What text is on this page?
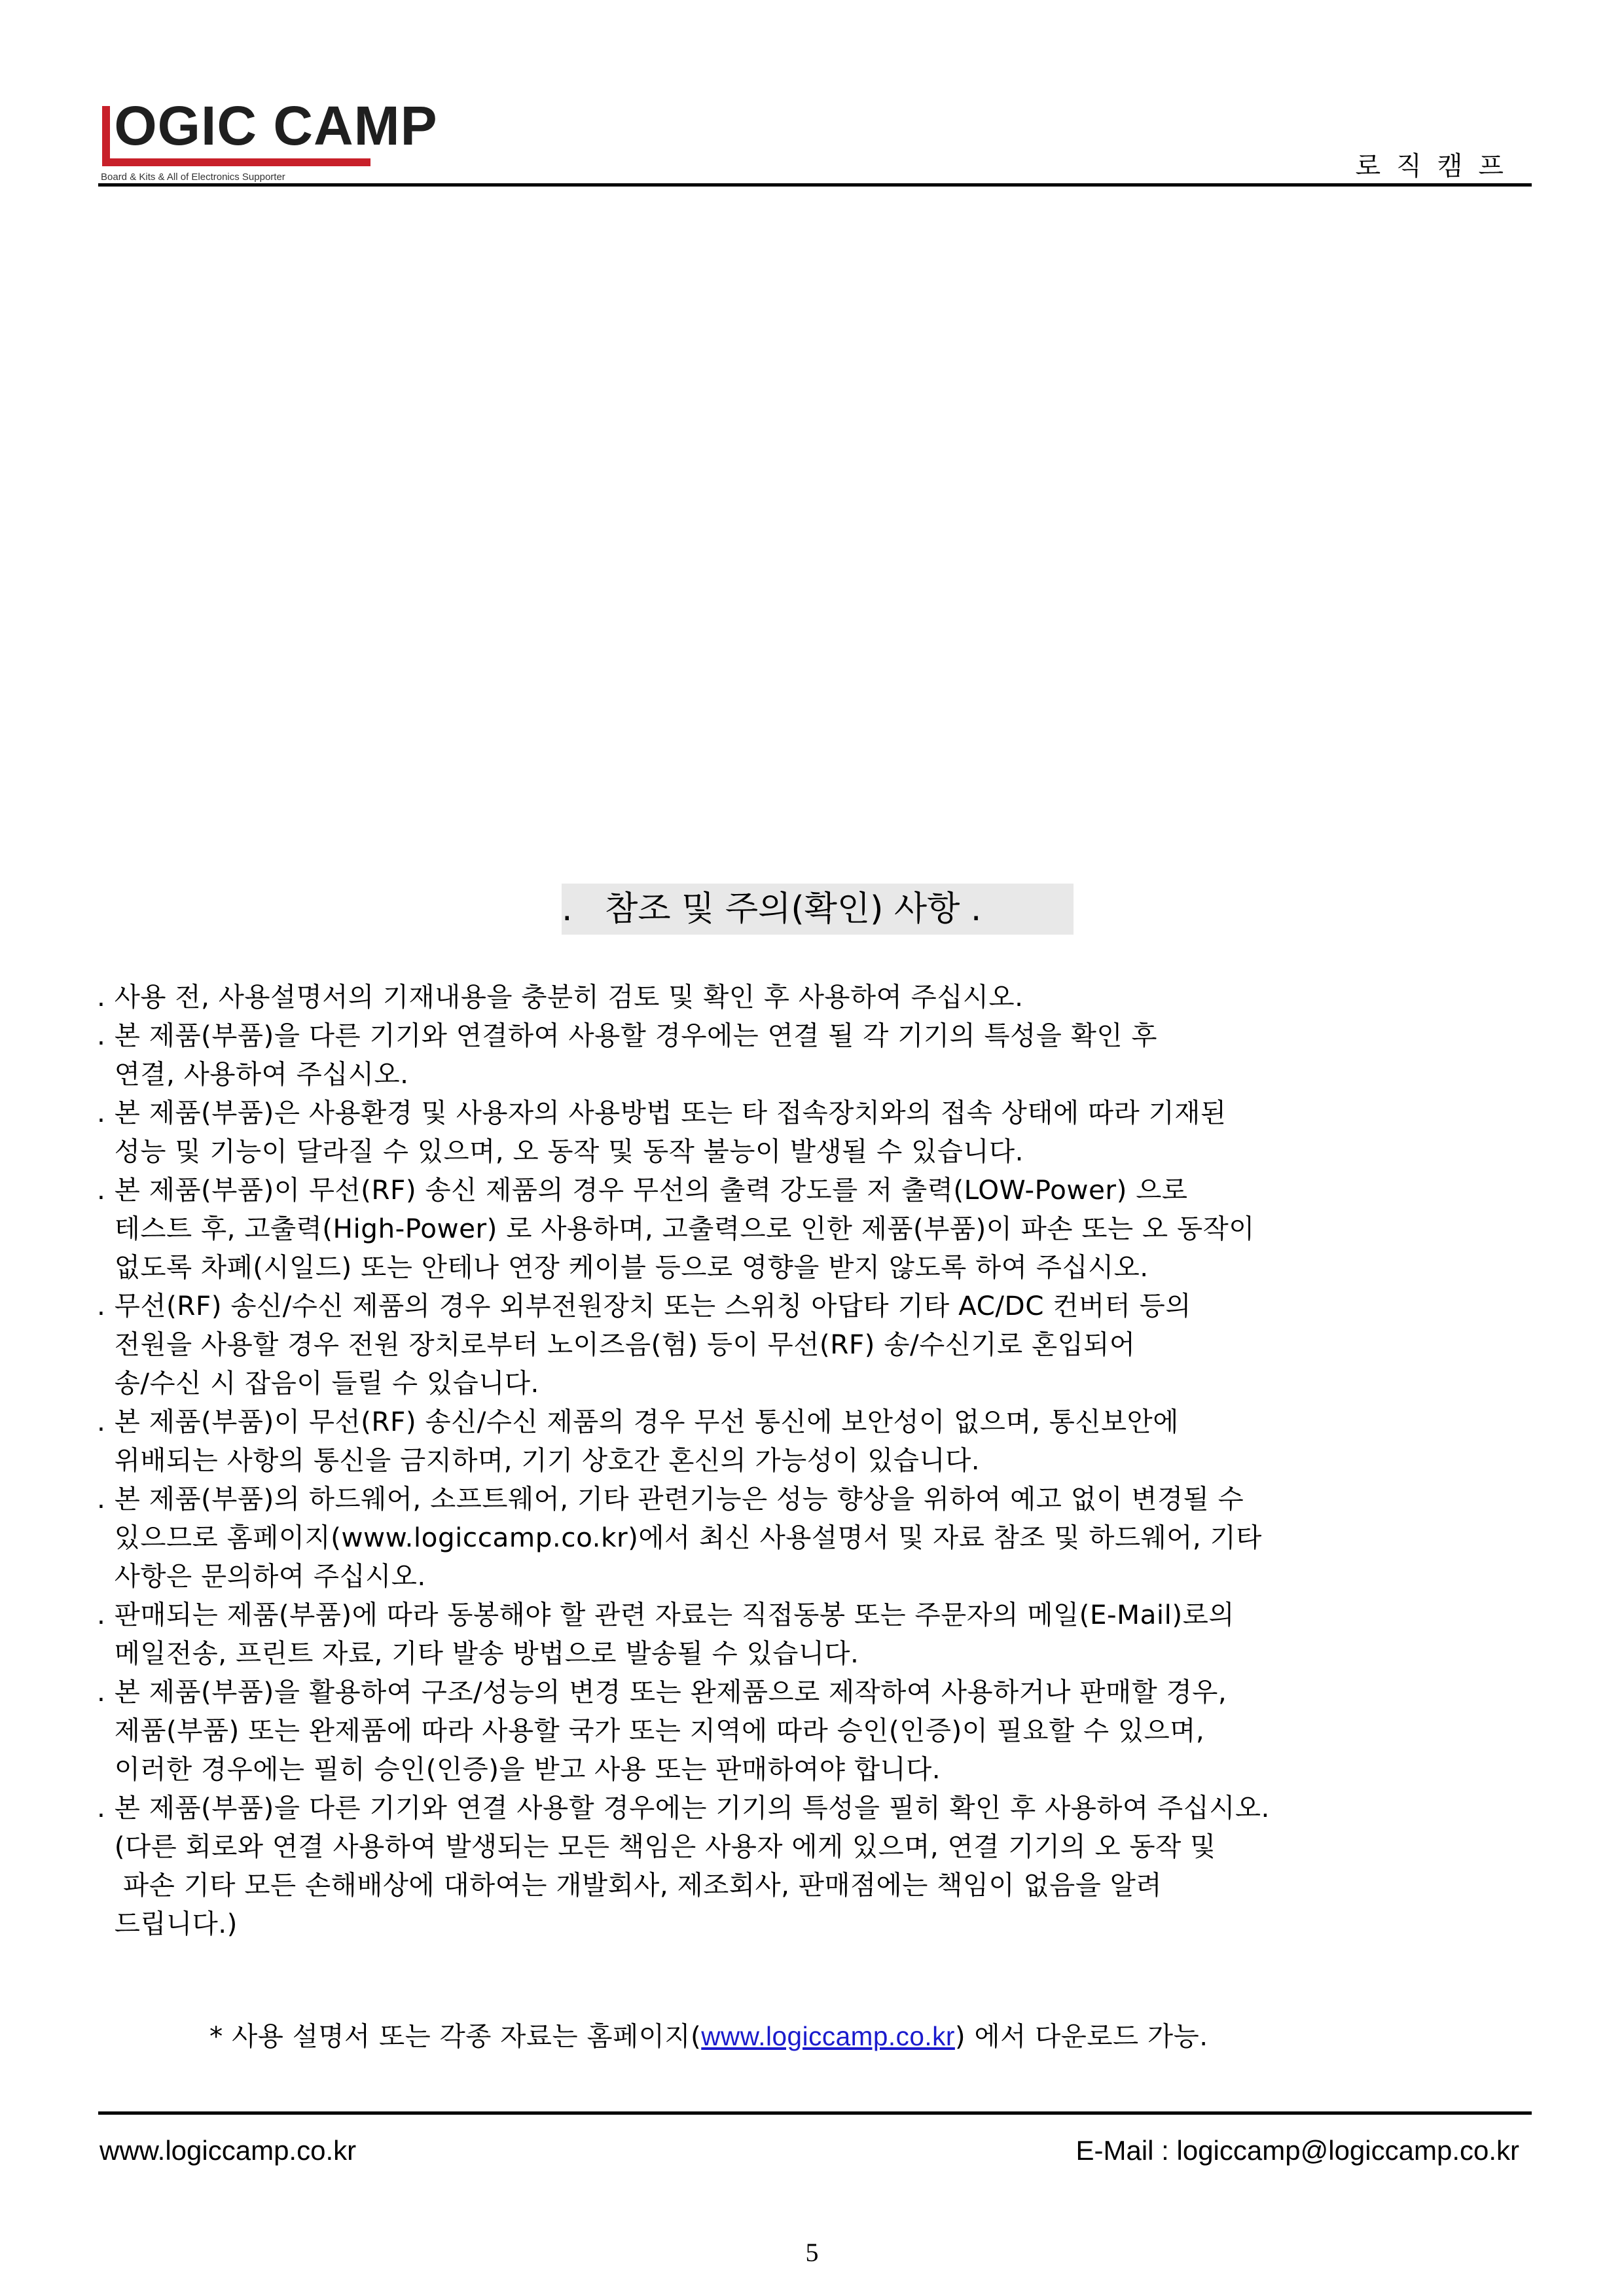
OGIC CAMP
Board & Kits & All of Electronics Supporter	로직캠프
.   참조 및 주의(확인) 사항 .
. 사용 전, 사용설명서의 기재내용을 충분히 검토 및 확인 후 사용하여 주십시오.
. 본 제품(부품)을 다른 기기와 연결하여 사용할 경우에는 연결 될 각 기기의 특성을 확인 후
연결, 사용하여 주십시오.
. 본 제품(부품)은 사용환경 및 사용자의 사용방법 또는 타 접속장치와의 접속 상태에 따라 기재된
성능 및 기능이 달라질 수 있으며, 오 동작 및 동작 불능이 발생될 수 있습니다.
. 본 제품(부품)이 무선(RF) 송신 제품의 경우 무선의 출력 강도를 저 출력(LOW-Power) 으로
테스트 후, 고출력(High-Power) 로 사용하며, 고출력으로 인한 제품(부품)이 파손 또는 오 동작이
없도록 차폐(시일드) 또는 안테나 연장 케이블 등으로 영향을 받지 않도록 하여 주십시오.
. 무선(RF) 송신/수신 제품의 경우 외부전원장치 또는 스위칭 아답타 기타 AC/DC 컨버터 등의
전원을 사용할 경우 전원 장치로부터 노이즈음(험) 등이 무선(RF) 송/수신기로 혼입되어
송/수신 시 잡음이 들릴 수 있습니다.
. 본 제품(부품)이 무선(RF) 송신/수신 제품의 경우 무선 통신에 보안성이 없으며, 통신보안에
위배되는 사항의 통신을 금지하며, 기기 상호간 혼신의 가능성이 있습니다.
. 본 제품(부품)의 하드웨어, 소프트웨어, 기타 관련기능은 성능 향상을 위하여 예고 없이 변경될 수
있으므로 홈페이지(www.logiccamp.co.kr)에서 최신 사용설명서 및 자료 참조 및 하드웨어, 기타
사항은 문의하여 주십시오.
. 판매되는 제품(부품)에 따라 동봉해야 할 관련 자료는 직접동봉 또는 주문자의 메일(E-Mail)로의
메일전송, 프린트 자료, 기타 발송 방법으로 발송될 수 있습니다.
. 본 제품(부품)을 활용하여 구조/성능의 변경 또는 완제품으로 제작하여 사용하거나 판매할 경우,
제품(부품) 또는 완제품에 따라 사용할 국가 또는 지역에 따라 승인(인증)이 필요할 수 있으며,
이러한 경우에는 필히 승인(인증)을 받고 사용 또는 판매하여야 합니다.
. 본 제품(부품)을 다른 기기와 연결 사용할 경우에는 기기의 특성을 필히 확인 후 사용하여 주십시오.
(다른 회로와 연결 사용하여 발생되는 모든 책임은 사용자 에게 있으며, 연결 기기의 오 동작 및
파손 기타 모든 손해배상에 대하여는 개발회사, 제조회사, 판매점에는 책임이 없음을 알려
드립니다.)
* 사용 설명서 또는 각종 자료는 홈페이지(www.logiccamp.co.kr) 에서 다운로드 가능.
www.logiccamp.co.kr	E-Mail : logiccamp@logiccamp.co.kr
5
